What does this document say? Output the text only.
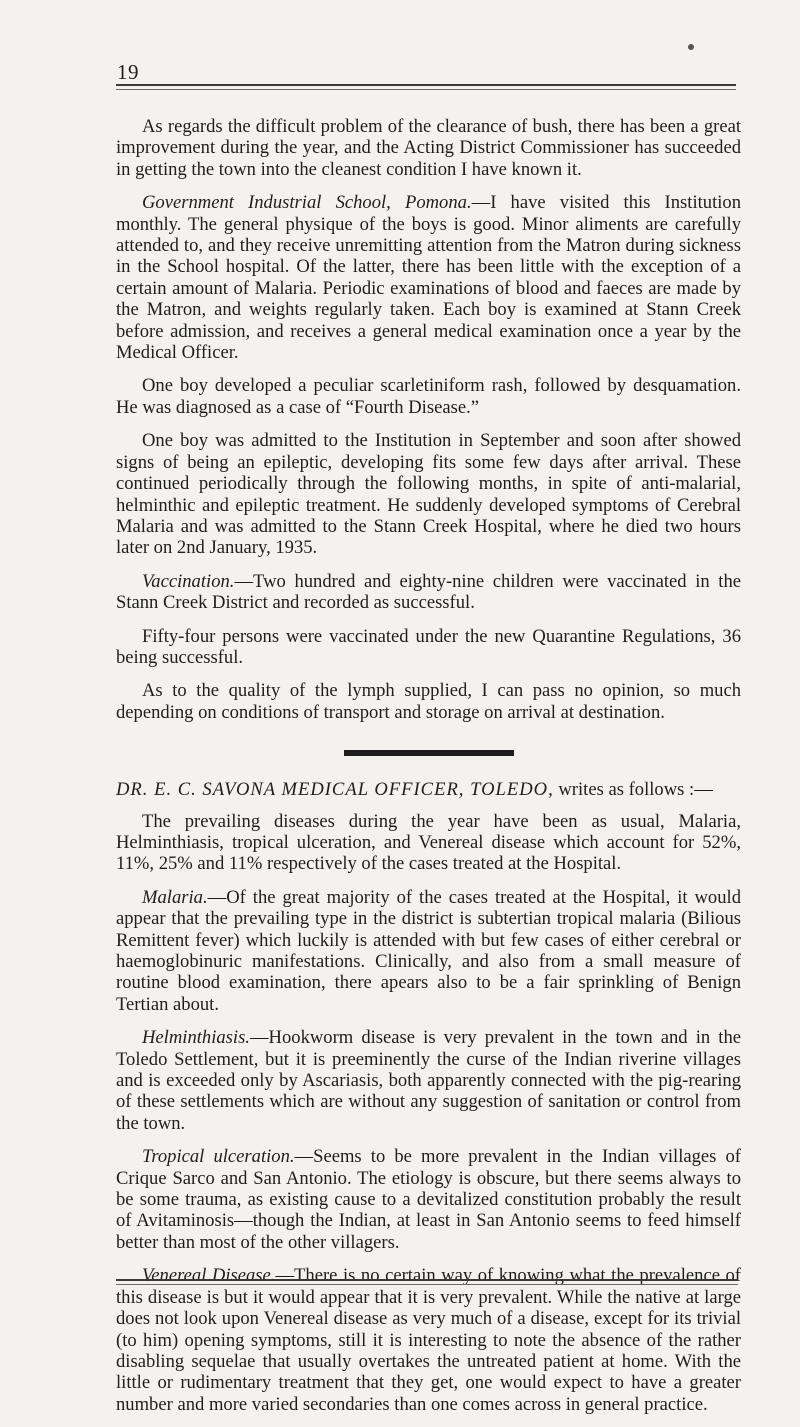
19

As regards the difficult problem of the clearance of bush, there has been a great improvement during the year, and the Acting District Commissioner has succeeded in getting the town into the cleanest condition I have known it.

Government Industrial School, Pomona.—I have visited this Institution monthly. The general physique of the boys is good. Minor aliments are carefully attended to, and they receive unremitting attention from the Matron during sickness in the School hospital. Of the latter, there has been little with the exception of a certain amount of Malaria. Periodic examinations of blood and faeces are made by the Matron, and weights regularly taken. Each boy is examined at Stann Creek before admission, and receives a general medical examination once a year by the Medical Officer.

One boy developed a peculiar scarletiniform rash, followed by desquamation. He was diagnosed as a case of “Fourth Disease.”

One boy was admitted to the Institution in September and soon after showed signs of being an epileptic, developing fits some few days after arrival. These continued periodically through the following months, in spite of anti-malarial, helminthic and epileptic treatment. He suddenly developed symptoms of Cerebral Malaria and was admitted to the Stann Creek Hospital, where he died two hours later on 2nd January, 1935.

Vaccination.—Two hundred and eighty-nine children were vaccinated in the Stann Creek District and recorded as successful.

Fifty-four persons were vaccinated under the new Quarantine Regulations, 36 being successful.

As to the quality of the lymph supplied, I can pass no opinion, so much depending on conditions of transport and storage on arrival at destination.

DR. E. C. SAVONA MEDICAL OFFICER, TOLEDO, writes as follows :—

The prevailing diseases during the year have been as usual, Malaria, Helminthiasis, tropical ulceration, and Venereal disease which account for 52%, 11%, 25% and 11% respectively of the cases treated at the Hospital.

Malaria.—Of the great majority of the cases treated at the Hospital, it would appear that the prevailing type in the district is subtertian tropical malaria (Bilious Remittent fever) which luckily is attended with but few cases of either cerebral or haemoglobinuric manifestations. Clinically, and also from a small measure of routine blood examination, there apears also to be a fair sprinkling of Benign Tertian about.

Helminthiasis.—Hookworm disease is very prevalent in the town and in the Toledo Settlement, but it is preeminently the curse of the Indian riverine villages and is exceeded only by Ascariasis, both apparently connected with the pig-rearing of these settlements which are without any suggestion of sanitation or control from the town.

Tropical ulceration.—Seems to be more prevalent in the Indian villages of Crique Sarco and San Antonio. The etiology is obscure, but there seems always to be some trauma, as existing cause to a devitalized constitution probably the result of Avitaminosis—though the Indian, at least in San Antonio seems to feed himself better than most of the other villagers.

Venereal Disease.—There is no certain way of knowing what the prevalence of this disease is but it would appear that it is very prevalent. While the native at large does not look upon Venereal disease as very much of a disease, except for its trivial (to him) opening symptoms, still it is interesting to note the absence of the rather disabling sequelae that usually overtakes the untreated patient at home. With the little or rudimentary treatment that they get, one would expect to have a greater number and more varied secondaries than one comes across in general practice.
